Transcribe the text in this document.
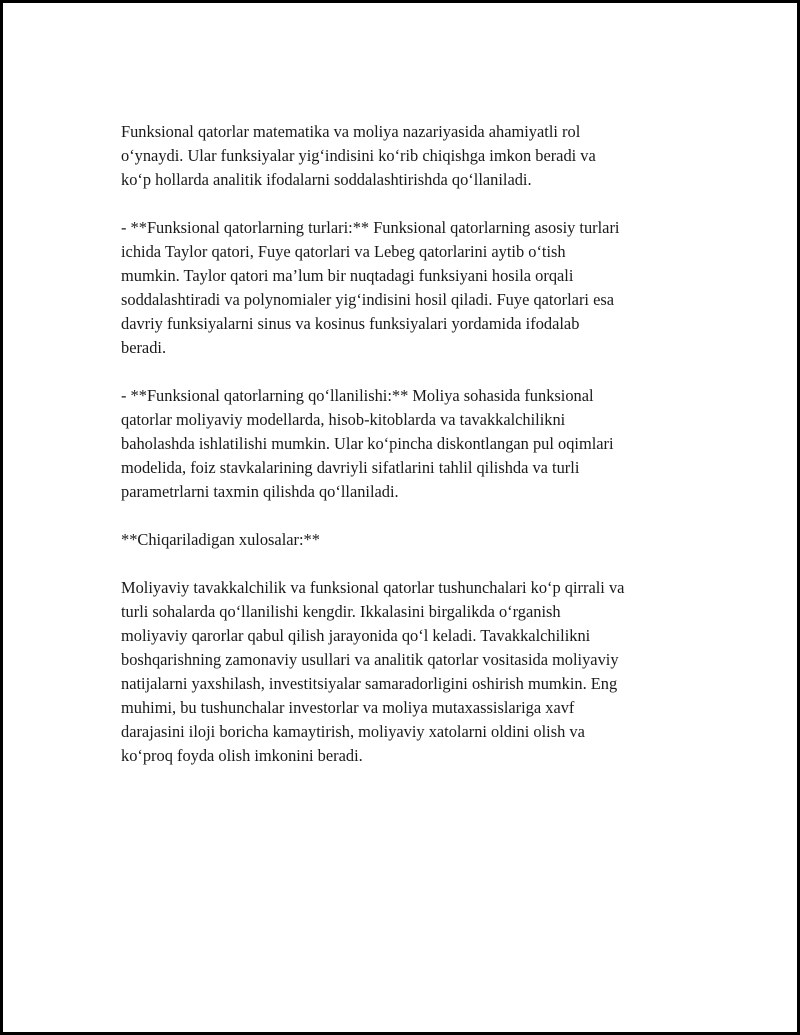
Funksional qatorlar matematika va moliya nazariyasida ahamiyatli rol
o‘ynaydi. Ular funksiyalar yig‘indisini ko‘rib chiqishga imkon beradi va
ko‘p hollarda analitik ifodalarni soddalashtirishda qo‘llaniladi.

- **Funksional qatorlarning turlari:** Funksional qatorlarning asosiy turlari
ichida Taylor qatori, Fuye qatorlari va Lebeg qatorlarini aytib o‘tish
mumkin. Taylor qatori ma’lum bir nuqtadagi funksiyani hosila orqali
soddalashtiradi va polynomialer yig‘indisini hosil qiladi. Fuye qatorlari esa
davriy funksiyalarni sinus va kosinus funksiyalari yordamida ifodalab
beradi.

- **Funksional qatorlarning qo‘llanilishi:** Moliya sohasida funksional
qatorlar moliyaviy modellarda, hisob-kitoblarda va tavakkalchilikni
baholashda ishlatilishi mumkin. Ular ko‘pincha diskontlangan pul oqimlari
modelida, foiz stavkalarining davriyli sifatlarini tahlil qilishda va turli
parametrlarni taxmin qilishda qo‘llaniladi.

**Chiqariladigan xulosalar:**

Moliyaviy tavakkalchilik va funksional qatorlar tushunchalari ko‘p qirrali va
turli sohalarda qo‘llanilishi kengdir. Ikkalasini birgalikda o‘rganish
moliyaviy qarorlar qabul qilish jarayonida qo‘l keladi. Tavakkalchilikni
boshqarishning zamonaviy usullari va analitik qatorlar vositasida moliyaviy
natijalarni yaxshilash, investitsiyalar samaradorligini oshirish mumkin. Eng
muhimi, bu tushunchalar investorlar va moliya mutaxassislariga xavf
darajasini iloji boricha kamaytirish, moliyaviy xatolarni oldini olish va
ko‘proq foyda olish imkonini beradi.
